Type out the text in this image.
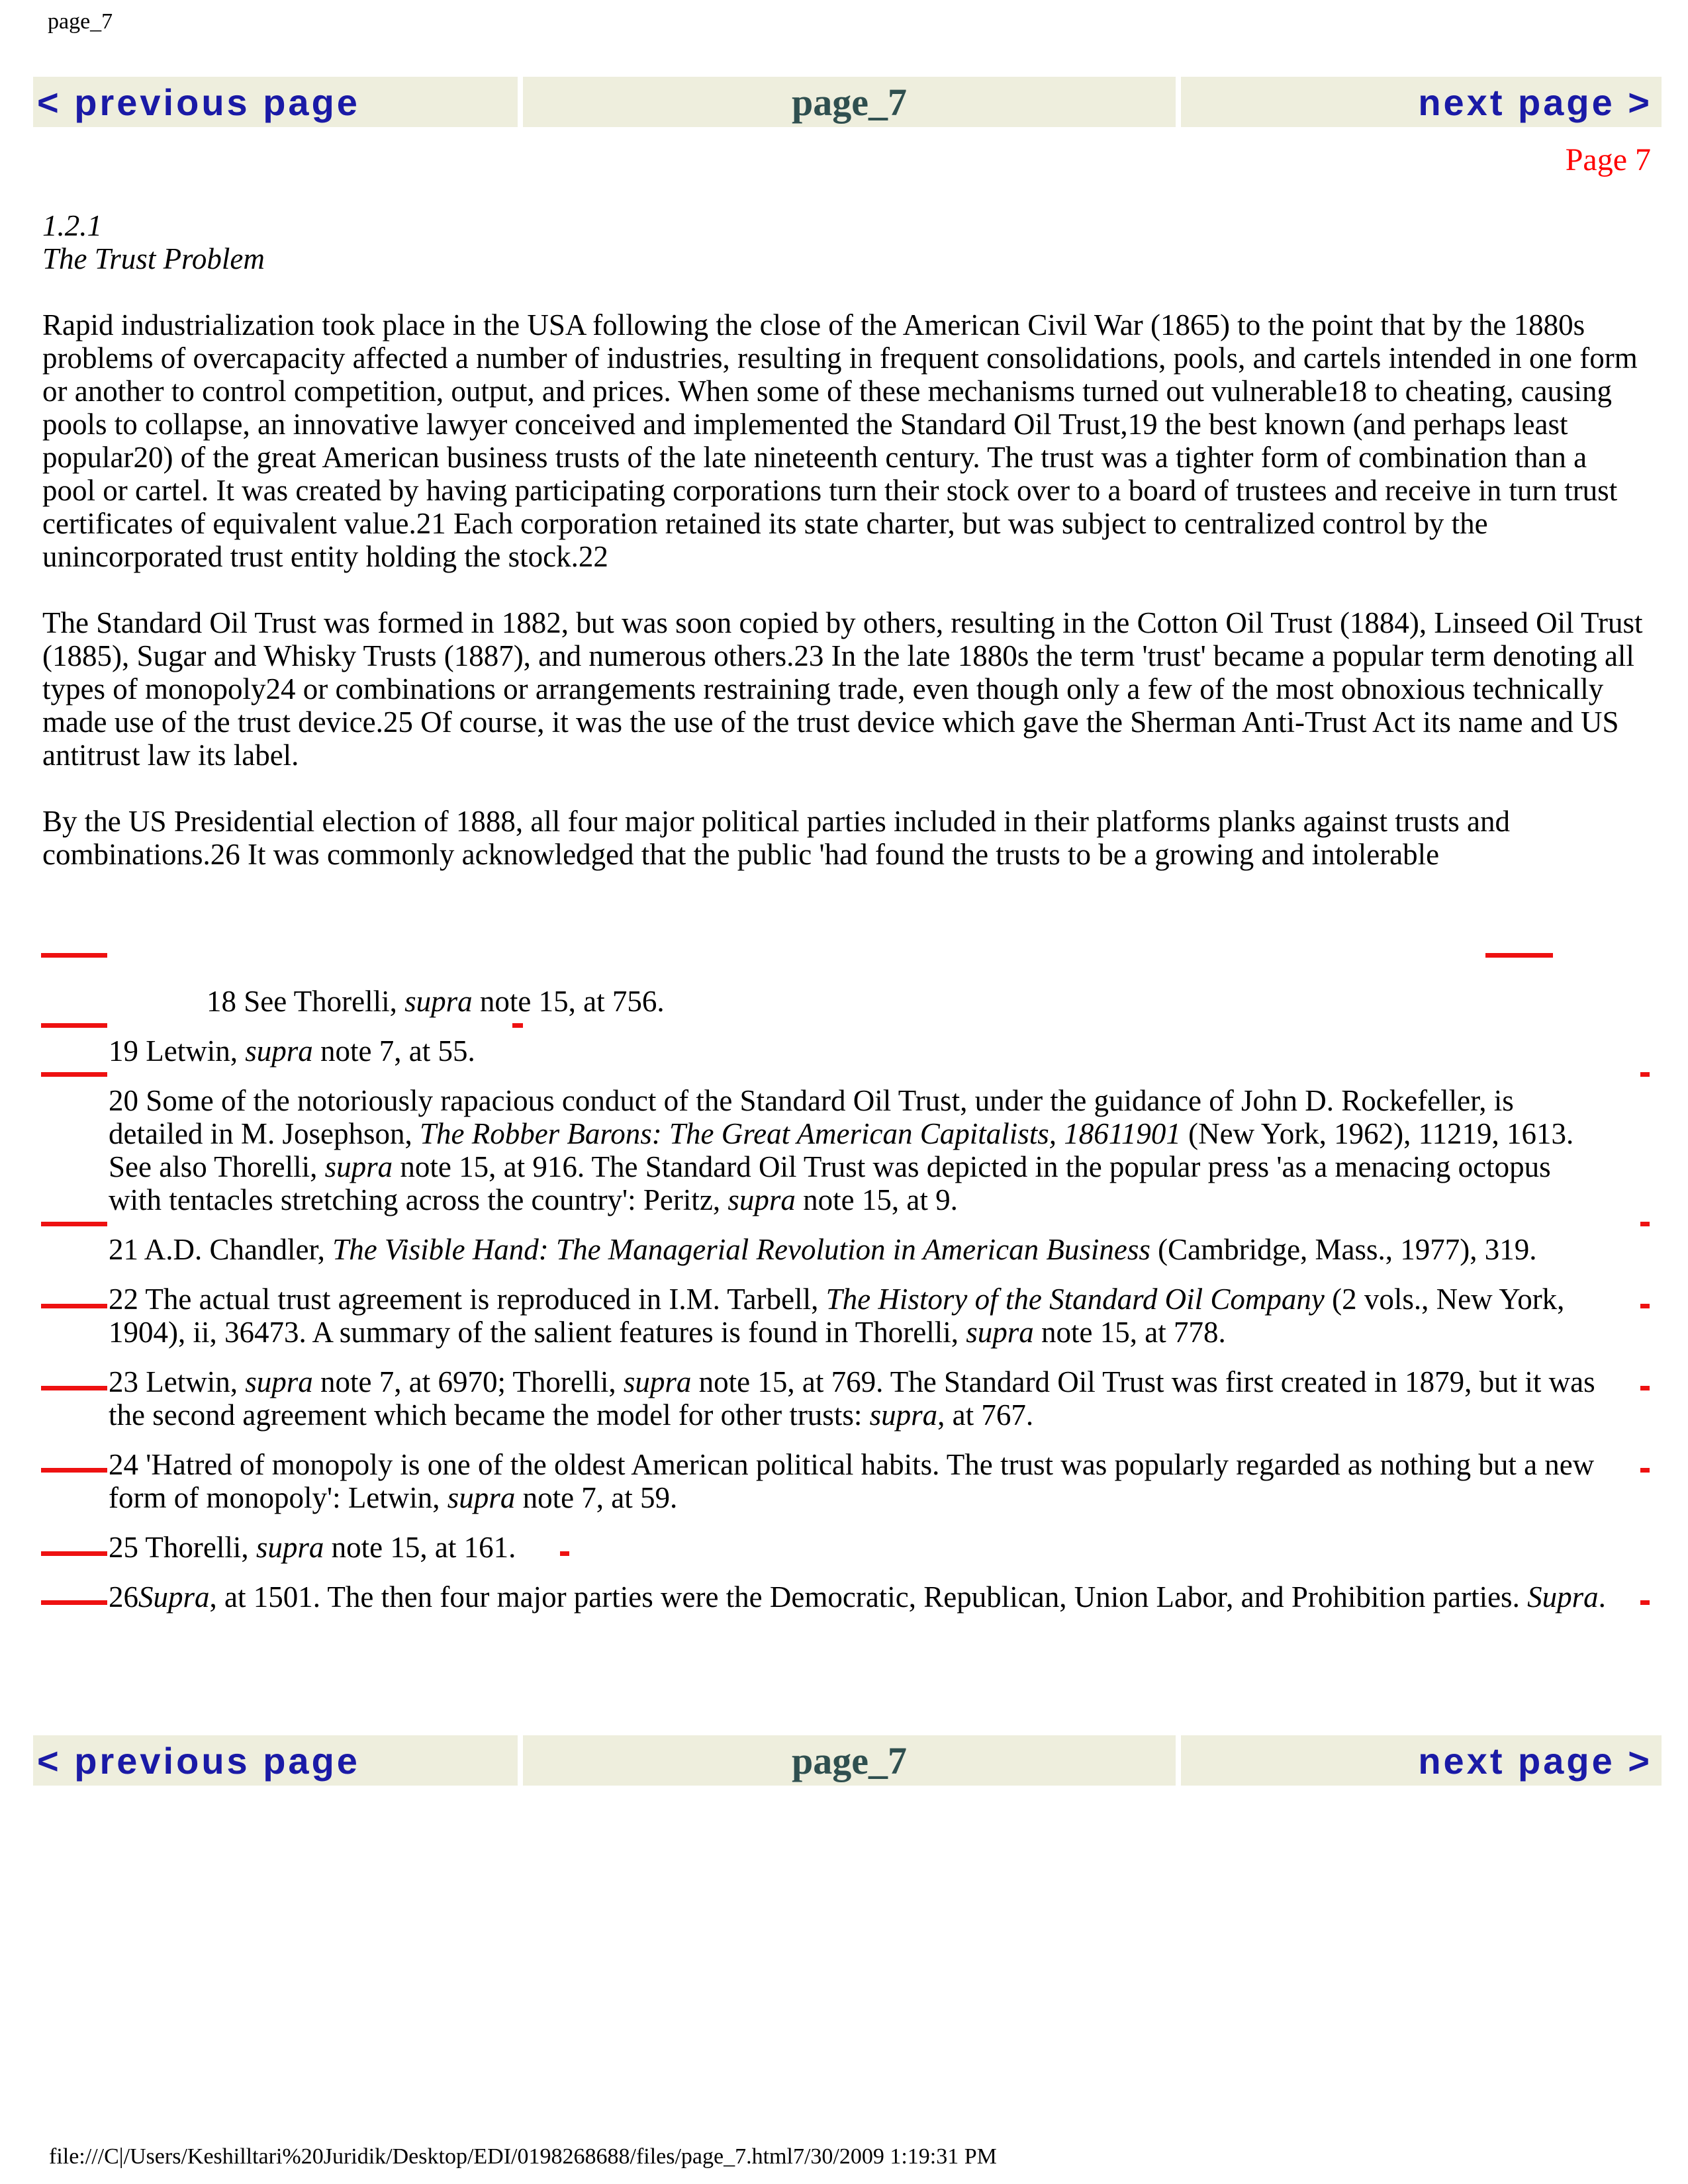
page_7
< previous page	page_7	next page >
Page 7
1.2.1
The Trust Problem

Rapid industrialization took place in the USA following the close of the American Civil War (1865) to the point that by the 1880s problems of overcapacity affected a number of industries, resulting in frequent consolidations, pools, and cartels intended in one form or another to control competition, output, and prices. When some of these mechanisms turned out vulnerable18 to cheating, causing pools to collapse, an innovative lawyer conceived and implemented the Standard Oil Trust,19 the best known (and perhaps least popular20) of the great American business trusts of the late nineteenth century. The trust was a tighter form of combination than a pool or cartel. It was created by having participating corporations turn their stock over to a board of trustees and receive in turn trust certificates of equivalent value.21 Each corporation retained its state charter, but was subject to centralized control by the unincorporated trust entity holding the stock.22

The Standard Oil Trust was formed in 1882, but was soon copied by others, resulting in the Cotton Oil Trust (1884), Linseed Oil Trust (1885), Sugar and Whisky Trusts (1887), and numerous others.23 In the late 1880s the term 'trust' became a popular term denoting all types of monopoly24 or combinations or arrangements restraining trade, even though only a few of the most obnoxious technically made use of the trust device.25 Of course, it was the use of the trust device which gave the Sherman Anti-Trust Act its name and US antitrust law its label.

By the US Presidential election of 1888, all four major political parties included in their platforms planks against trusts and combinations.26 It was commonly acknowledged that the public 'had found the trusts to be a growing and intolerable

18 See Thorelli, supra note 15, at 756.
19 Letwin, supra note 7, at 55.
20 Some of the notoriously rapacious conduct of the Standard Oil Trust, under the guidance of John D. Rockefeller, is detailed in M. Josephson, The Robber Barons: The Great American Capitalists, 18611901 (New York, 1962), 11219, 1613. See also Thorelli, supra note 15, at 916. The Standard Oil Trust was depicted in the popular press 'as a menacing octopus with tentacles stretching across the country': Peritz, supra note 15, at 9.
21 A.D. Chandler, The Visible Hand: The Managerial Revolution in American Business (Cambridge, Mass., 1977), 319.
22 The actual trust agreement is reproduced in I.M. Tarbell, The History of the Standard Oil Company (2 vols., New York, 1904), ii, 36473. A summary of the salient features is found in Thorelli, supra note 15, at 778.
23 Letwin, supra note 7, at 6970; Thorelli, supra note 15, at 769. The Standard Oil Trust was first created in 1879, but it was the second agreement which became the model for other trusts: supra, at 767.
24 'Hatred of monopoly is one of the oldest American political habits. The trust was popularly regarded as nothing but a new form of monopoly': Letwin, supra note 7, at 59.
25 Thorelli, supra note 15, at 161.
26Supra, at 1501. The then four major parties were the Democratic, Republican, Union Labor, and Prohibition parties. Supra.
< previous page	page_7	next page >
file:///C|/Users/Keshilltari%20Juridik/Desktop/EDI/0198268688/files/page_7.html7/30/2009 1:19:31 PM
